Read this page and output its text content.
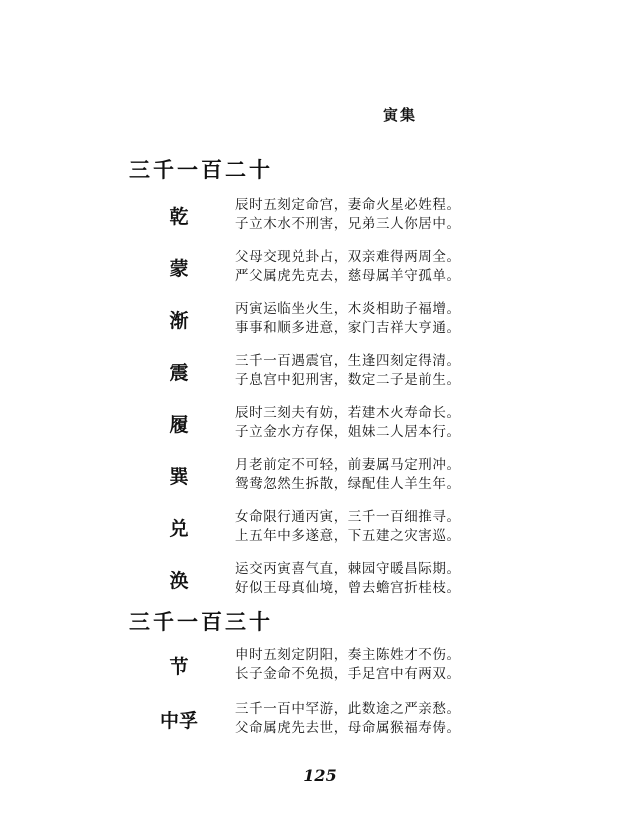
寅集
三千一百二十
乾
辰时五刻定命宫，妻命火星必姓程。
子立木水不刑害，兄弟三人你居中。
蒙
父母交现兑卦占，双亲难得两周全。
严父属虎先克去，慈母属羊守孤单。
渐
丙寅运临坐火生，木炎相助子福增。
事事和顺多进意，家门吉祥大亨通。
震
三千一百遇震官，生逢四刻定得清。
子息宫中犯刑害，数定二子是前生。
履
辰时三刻夫有妨，若建木火寿命长。
子立金水方存保，姐妹二人居本行。
巽
月老前定不可轻，前妻属马定刑冲。
鸳鸯忽然生拆散，绿配佳人羊生年。
兑
女命限行通丙寅，三千一百细推寻。
上五年中多遂意，下五建之灾害巡。
涣
运交丙寅喜气直，棘园守暖昌际期。
好似王母真仙境，曾去蟾宫折桂枝。
三千一百三十
节
申时五刻定阴阳，奏主陈姓才不伤。
长子金命不免损，手足宫中有两双。
中孚
三千一百中罕游，此数途之严亲愁。
父命属虎先去世，母命属猴福寿俦。
125
